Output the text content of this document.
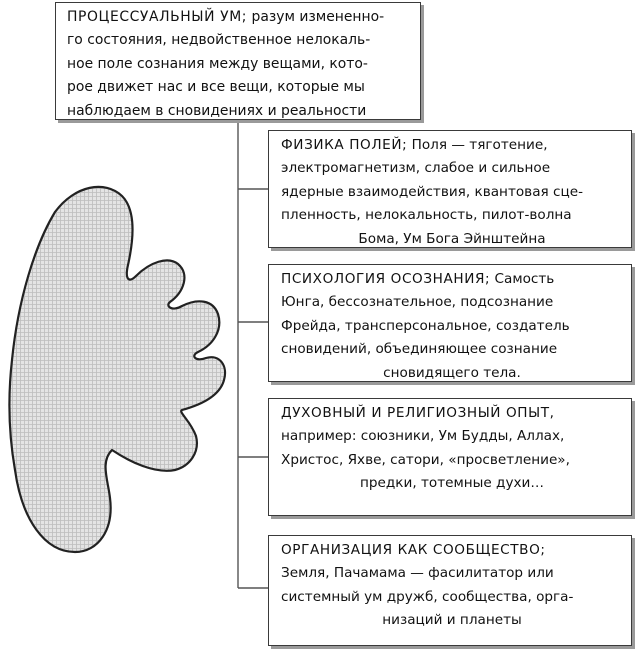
ПРОЦЕССУАЛЬНЫЙ УМ; разум измененно-

го состояния, недвойственное нелокаль-

ное поле сознания между вещами, кото-

рое движет нас и все вещи, которые мы

наблюдаем в сновидениях и реальности

ФИЗИКА ПОЛЕЙ; Поля — тяготение,

электромагнетизм, слабое и сильное

ядерные взаимодействия, квантовая сце-

пленность, нелокальность, пилот-волна

Бома, Ум Бога Эйнштейна

ПСИХОЛОГИЯ ОСОЗНАНИЯ; Самость

Юнга, бессознательное, подсознание

Фрейда, трансперсональное, создатель

сновидений, объединяющее сознание

сновидящего тела.

ДУХОВНЫЙ И РЕЛИГИОЗНЫЙ ОПЫТ,

например: союзники, Ум Будды, Аллах,

Христос, Яхве, сатори, «просветление»,

предки, тотемные духи…

ОРГАНИЗАЦИЯ КАК СООБЩЕСТВО;

Земля, Пачамама — фасилитатор или

системный ум дружб, сообщества, орга-

низаций и планеты
